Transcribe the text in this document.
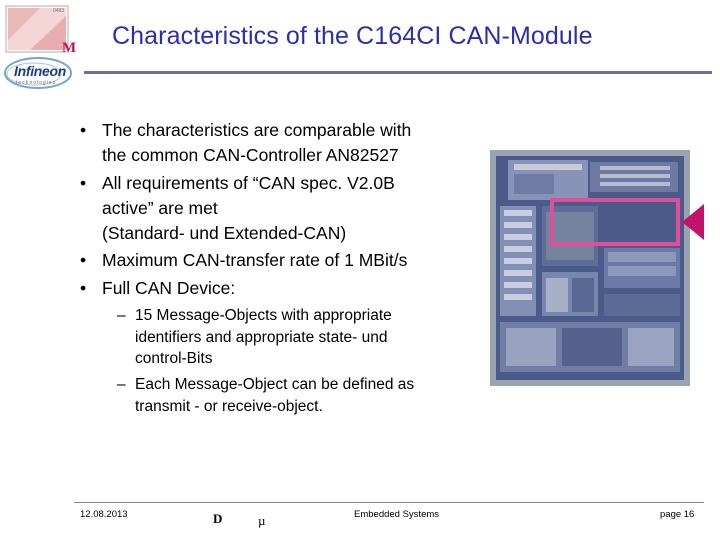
0483
M
Infineon
technologies
Characteristics of the C164CI CAN-Module
• The characteristics are comparable with
the common CAN-Controller AN82527
• All requirements of “CAN spec. V2.0B
active” are met
(Standard- und Extended-CAN)
• Maximum CAN-transfer rate of 1 MBit/s
• Full CAN Device:
– 15 Message-Objects with appropriate
identifiers and appropriate state- und
control-Bits
– Each Message-Object can be defined as
transmit - or receive-object.
12.08.2013	D	µ	Embedded Systems	page 16
